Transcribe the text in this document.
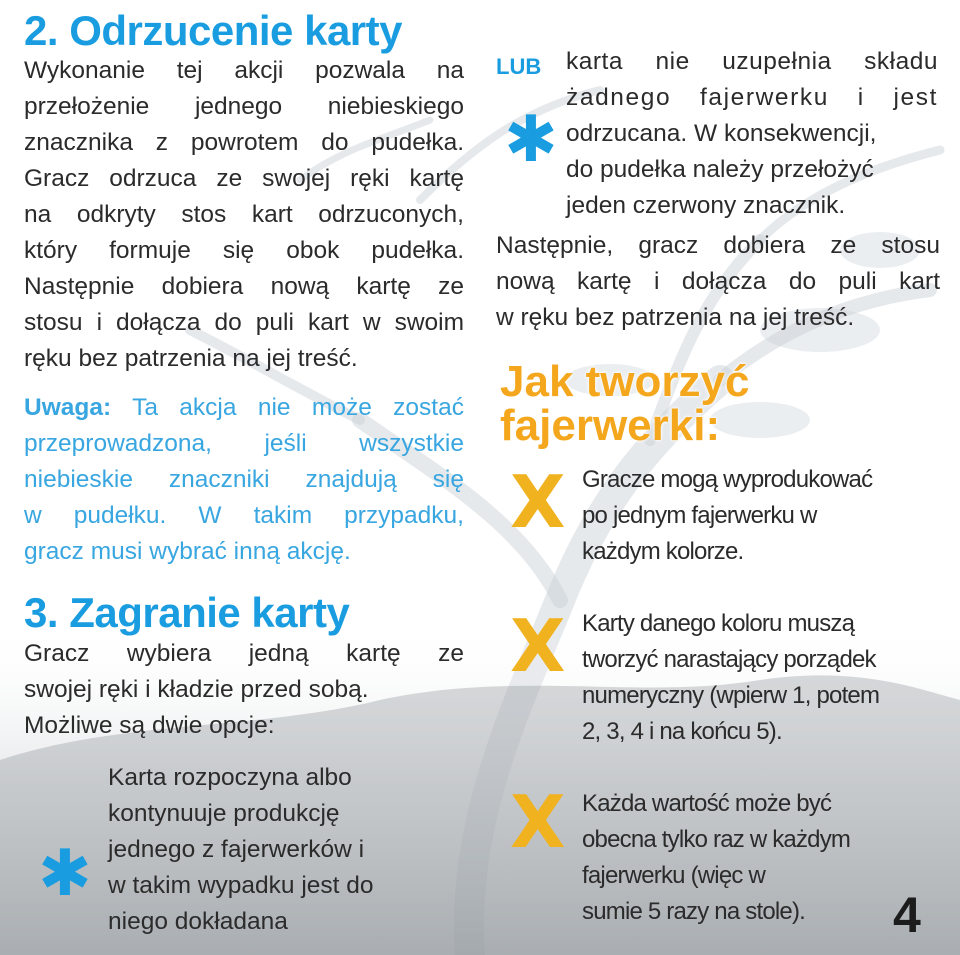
2. Odrzucenie karty

Wykonanie tej akcji pozwala na

przełożenie jednego niebieskiego

znacznika z powrotem do pudełka.

Gracz odrzuca ze swojej ręki kartę

na odkryty stos kart odrzuconych,

który formuje się obok pudełka.

Następnie dobiera nową kartę ze

stosu i dołącza do puli kart w swoim

ręku bez patrzenia na jej treść.

Uwaga: Ta akcja nie może zostać

przeprowadzona, jeśli wszystkie

niebieskie znaczniki znajdują się

w pudełku. W takim przypadku,

gracz musi wybrać inną akcję.

3. Zagranie karty

Gracz wybiera jedną kartę ze

swojej ręki i kładzie przed sobą.

Możliwe są dwie opcje:

✱

Karta rozpoczyna albo

kontynuuje produkcję

jednego z fajerwerków i

w takim wypadku jest do

niego dokładana

LUB
✱

karta nie uzupełnia składu

żadnego fajerwerku i jest

odrzucana. W konsekwencji,

do pudełka należy przełożyć

jeden czerwony znacznik.

Następnie, gracz dobiera ze stosu

nową kartę i dołącza do puli kart

w ręku bez patrzenia na jej treść.

Jak tworzyć
fajerwerki:
X Gracze mogą wyprodukować
po jednym fajerwerku w
każdym kolorze.
X Karty danego koloru muszą
tworzyć narastający porządek
numeryczny (wpierw 1, potem
2, 3, 4 i na końcu 5).
X Każda wartość może być
obecna tylko raz w każdym
fajerwerku (więc w
sumie 5 razy na stole).	4
